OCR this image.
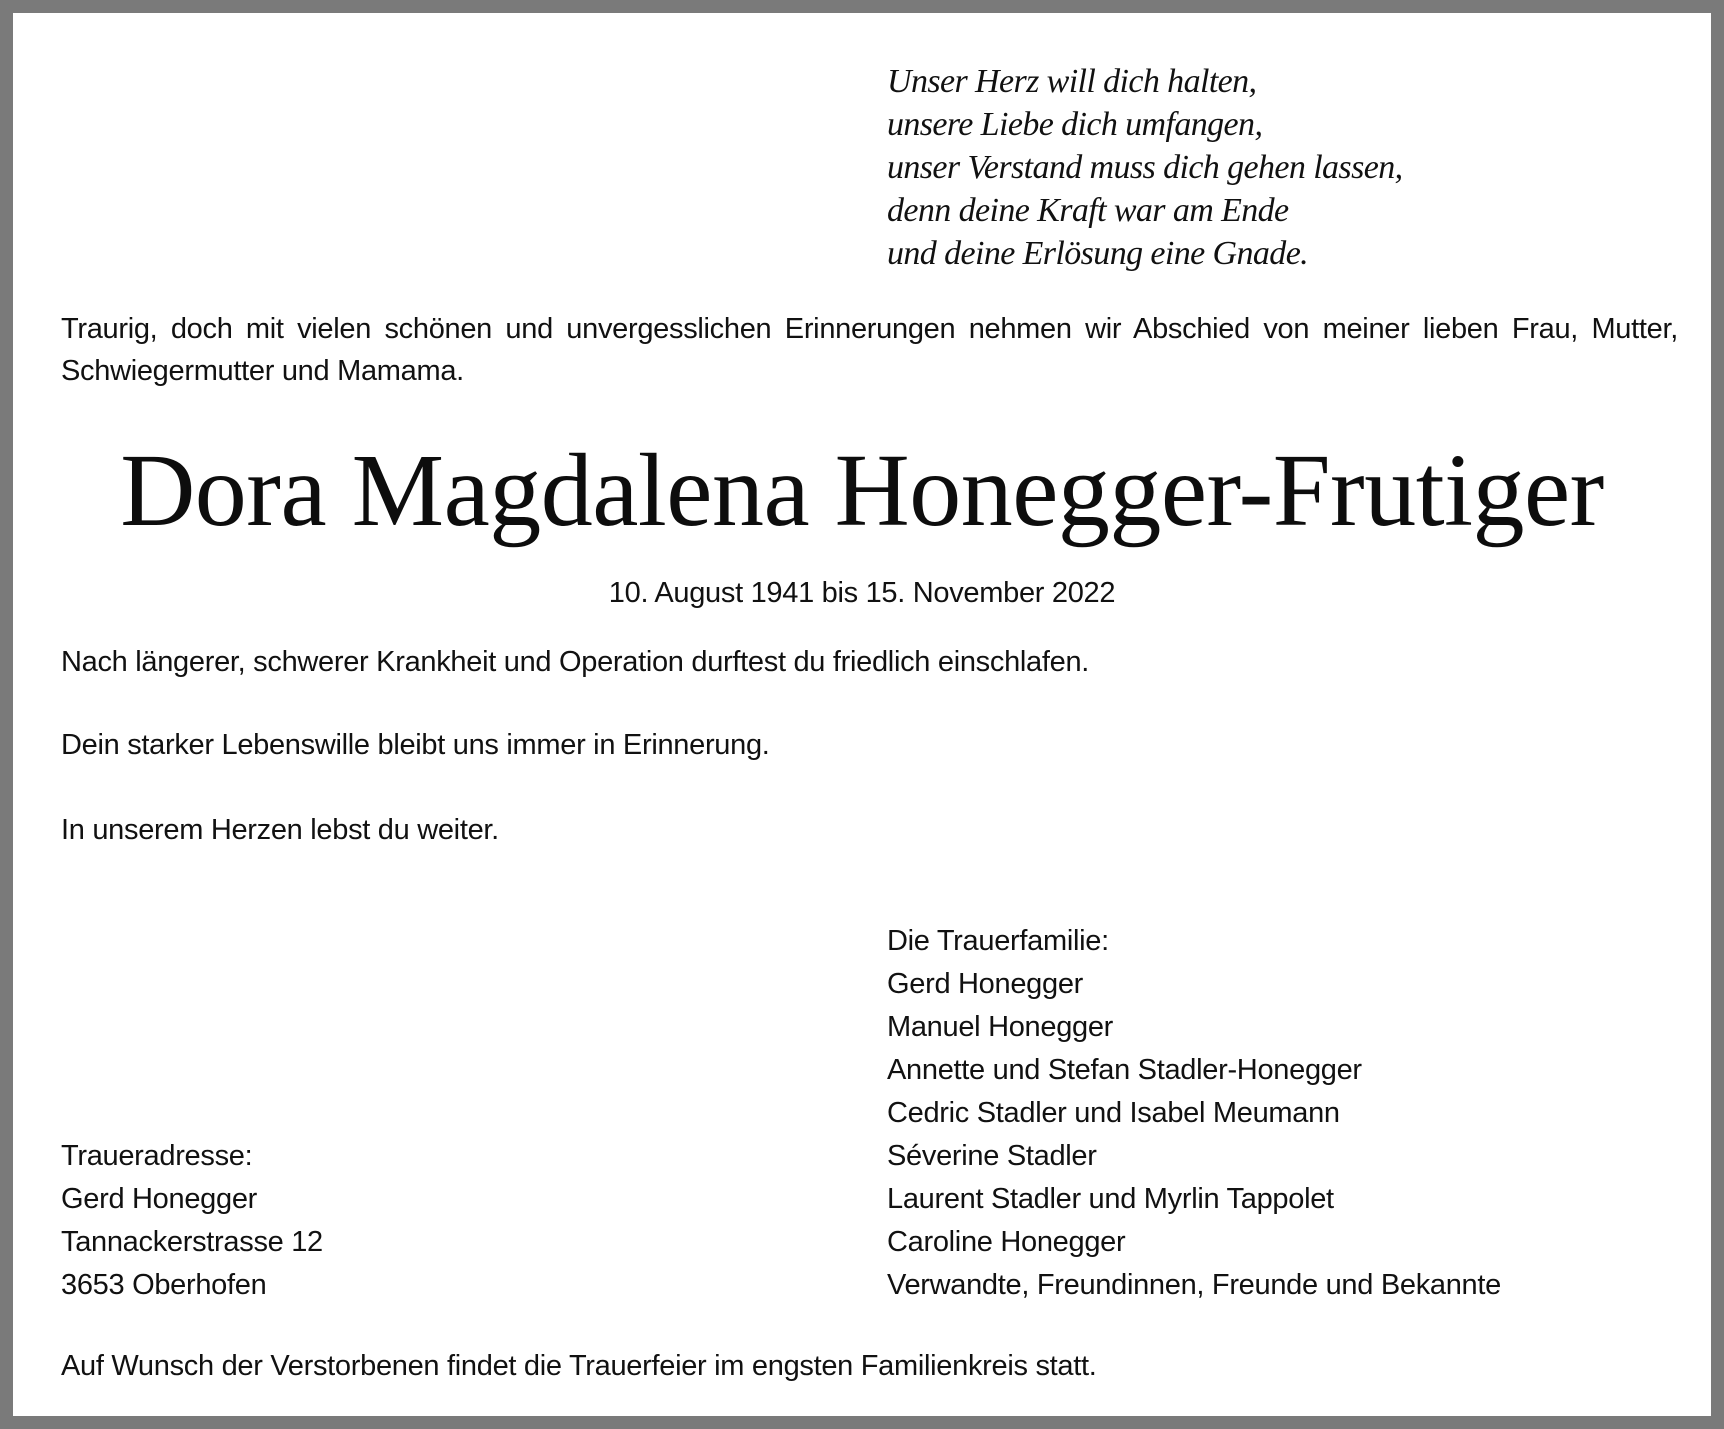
Unser Herz will dich halten,
unsere Liebe dich umfangen,
unser Verstand muss dich gehen lassen,
denn deine Kraft war am Ende
und deine Erlösung eine Gnade.
Traurig, doch mit vielen schönen und unvergesslichen Erinnerungen nehmen wir Abschied von meiner lieben Frau, Mutter, Schwiegermutter und Mamama.
Dora Magdalena Honegger-Frutiger
10. August 1941 bis 15. November 2022
Nach längerer, schwerer Krankheit und Operation durftest du friedlich einschlafen.
Dein starker Lebenswille bleibt uns immer in Erinnerung.
In unserem Herzen lebst du weiter.
Die Trauerfamilie:
Gerd Honegger
Manuel Honegger
Annette und Stefan Stadler-Honegger
Cedric Stadler und Isabel Meumann
Séverine Stadler
Laurent Stadler und Myrlin Tappolet
Caroline Honegger
Verwandte, Freundinnen, Freunde und Bekannte
Traueradresse:
Gerd Honegger
Tannackerstrasse 12
3653 Oberhofen
Auf Wunsch der Verstorbenen findet die Trauerfeier im engsten Familienkreis statt.
